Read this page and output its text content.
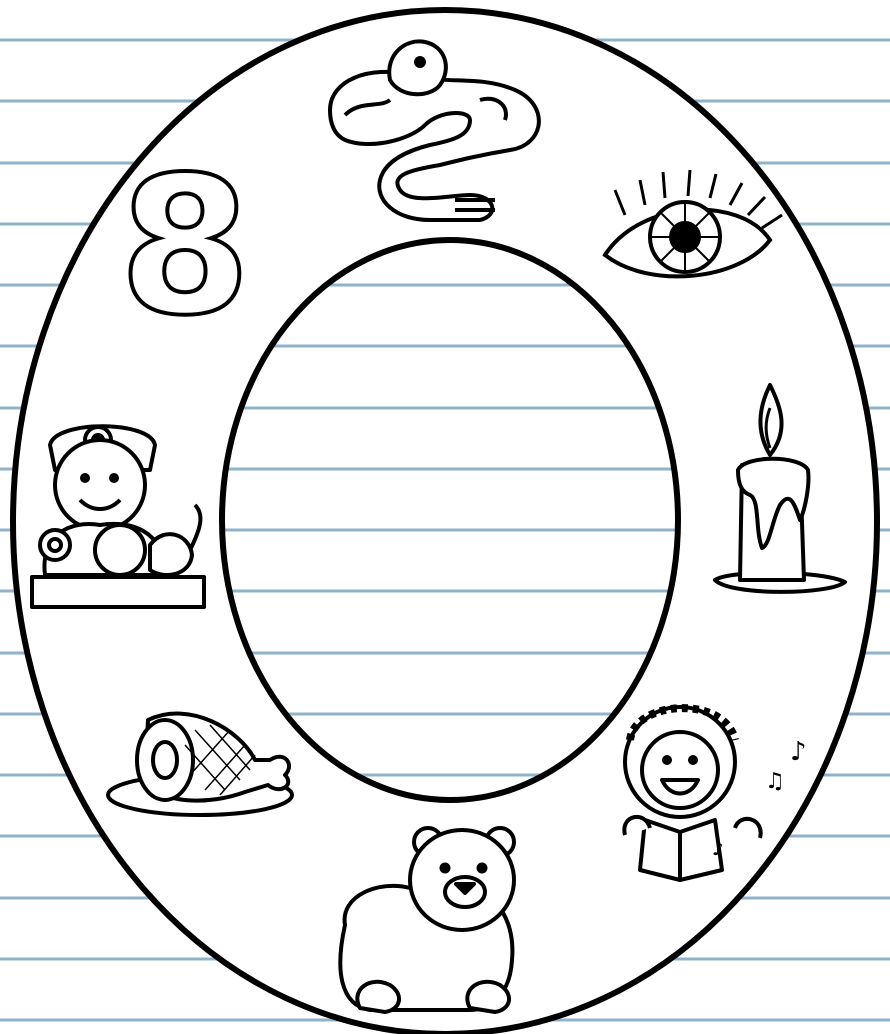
8
♪
♫
♪
